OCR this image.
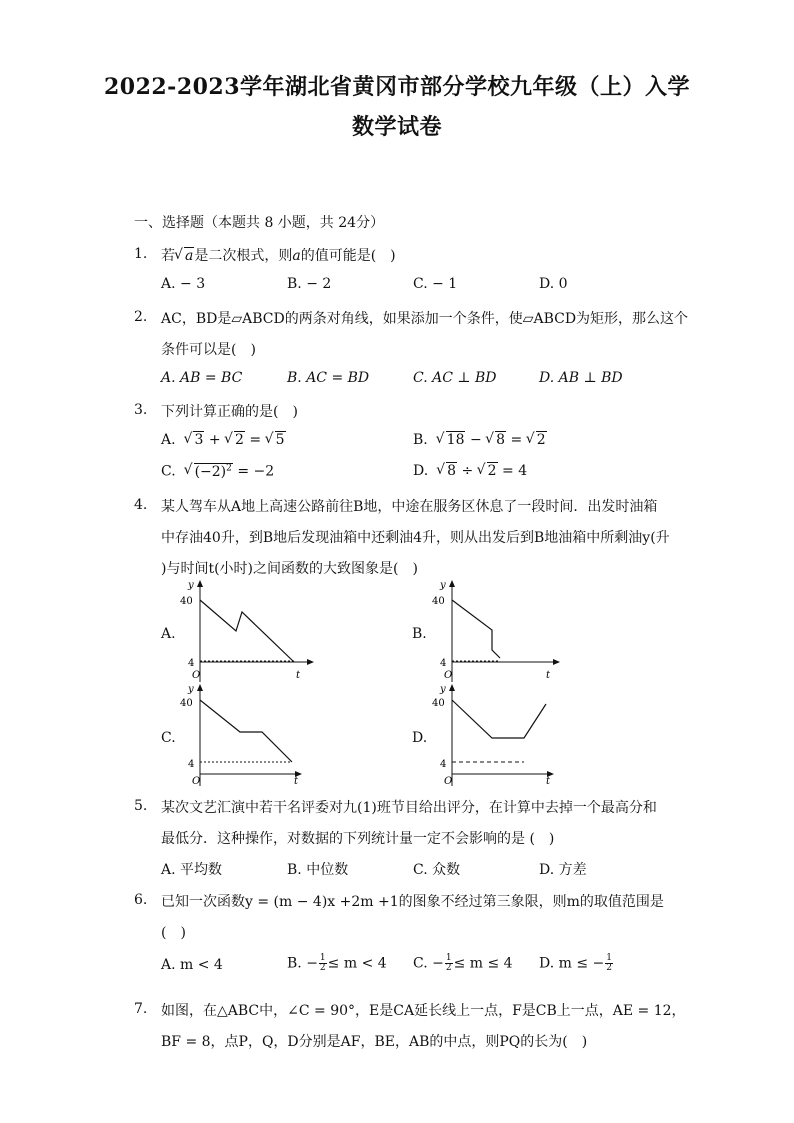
2022-2023学年湖北省黄冈市部分学校九年级（上）入学
数学试卷
一、选择题（本题共 8 小题，共 24分）
1. 若 √ a是二次根式，则a的值可能是(　)
A. − 3	B. − 2	C. − 1	D. 0
2. AC，BD是▱ABCD的两条对角线，如果添加一个条件，使▱ABCD为矩形，那么这个
条件可以是(　)
A. AB = BC	B. AC = BD	C. AC ⊥ BD	D. AB ⊥ BD
3. 下列计算正确的是(　)
A. √ 3 + √ 2 = √ 5	B. √ 18 − √ 8 = √ 2
C. √ $(-2)^2 = -2$	D. √ 8 ÷ √ 2 = 4
4. 某人驾车从A地上高速公路前往B地，中途在服务区休息了一段时间．出发时油箱
中存油40升，到B地后发现油箱中还剩油4升，则从出发后到B地油箱中所剩油y(升
)与时间t(小时)之间函数的大致图象是(　)
A.	B.
C.	D.
40
4
O
y
t
40
4
O
y
t
40
4
O
y
t
40
4
O
y
t
5. 某次文艺汇演中若干名评委对九(1)班节目给出评分，在计算中去掉一个最高分和
最低分．这种操作，对数据的下列统计量一定不会影响的是 (　)
A. 平均数	B. 中位数	C. 众数	D. 方差
6. 已知一次函数y = (m − 4)x +2m +1的图象不经过第三象限，则m的取值范围是
(　)
A. m < 4	B. − $\frac{1}{2} \le m < 4$ C. − $\frac{1}{2} \le m \le 4$ D. m ≤ − $\frac{1}{2}$
7. 如图，在△ABC中，∠C = 90°，E是CA延长线上一点，F是CB上一点，AE = 12，
BF = 8，点P，Q，D分别是AF，BE，AB的中点，则PQ的长为(　)
